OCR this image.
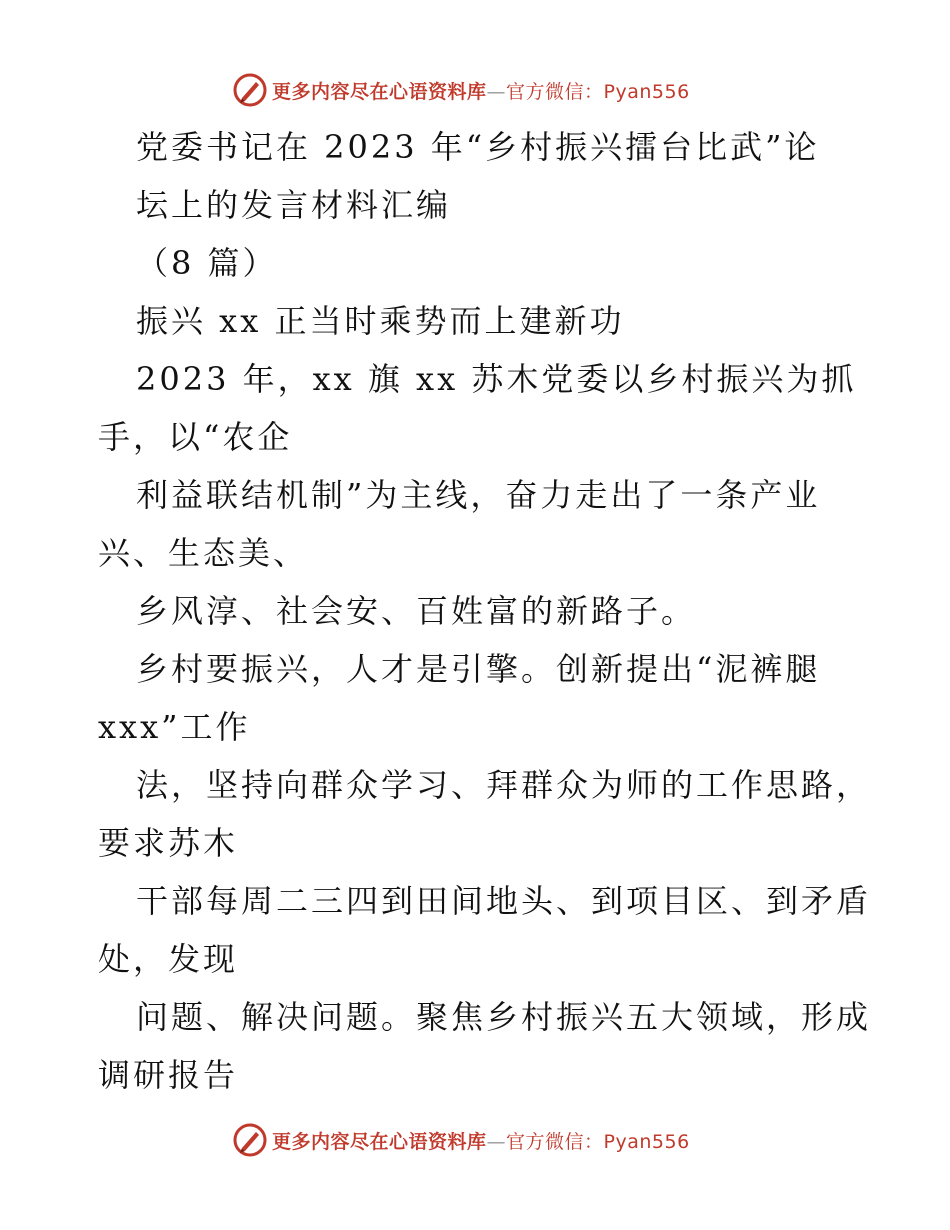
更多内容尽在心语资料库—官方微信：Pyan556
党委书记在 2023 年“乡村振兴擂台比武”论
坛上的发言材料汇编
（8 篇）
振兴 xx 正当时乘势而上建新功
2023 年，xx 旗 xx 苏木党委以乡村振兴为抓
手，以“农企
利益联结机制”为主线，奋力走出了一条产业
兴、生态美、
乡风淳、社会安、百姓富的新路子。
乡村要振兴，人才是引擎。创新提出“泥裤腿
xxx”工作
法，坚持向群众学习、拜群众为师的工作思路，
要求苏木
干部每周二三四到田间地头、到项目区、到矛盾
处，发现
问题、解决问题。聚焦乡村振兴五大领域，形成
调研报告
更多内容尽在心语资料库—官方微信：Pyan556
